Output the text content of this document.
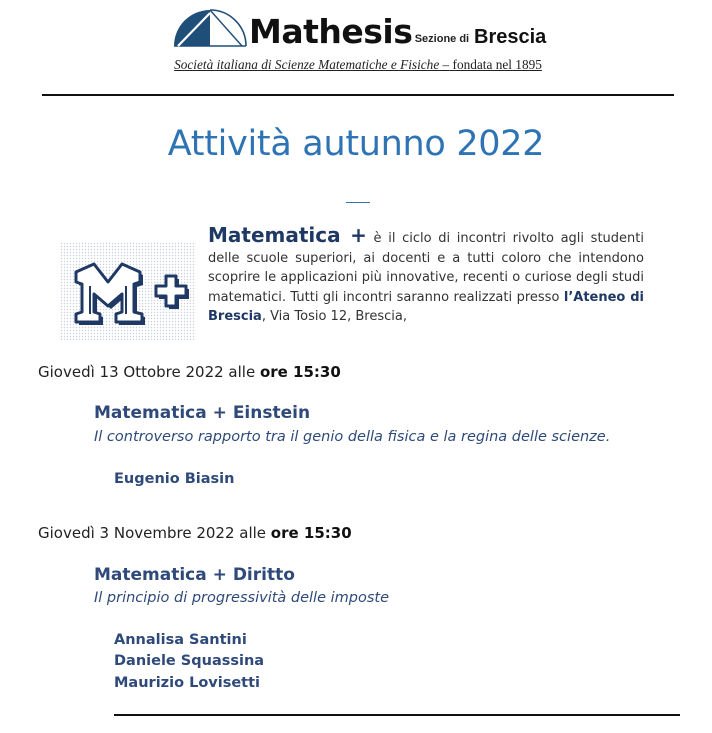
Mathesis
- Sezione di Brescia
Società italiana di Scienze Matematiche e Fisiche – fondata nel 1895
Attività autunno 2022
Matematica + è il ciclo di incontri rivolto agli studenti delle scuole superiori, ai docenti e a tutti coloro che intendono scoprire le applicazioni più innovative, recenti o curiose degli studi matematici. Tutti gli incontri saranno realizzati presso l’Ateneo di Brescia, Via Tosio 12, Brescia,
Giovedì 13 Ottobre 2022 alle ore 15:30
Matematica + Einstein
Il controverso rapporto tra il genio della fisica e la regina delle scienze.
Eugenio Biasin
Giovedì 3 Novembre 2022 alle ore 15:30
Matematica + Diritto
Il principio di progressività delle imposte
Annalisa Santini
Daniele Squassina
Maurizio Lovisetti
